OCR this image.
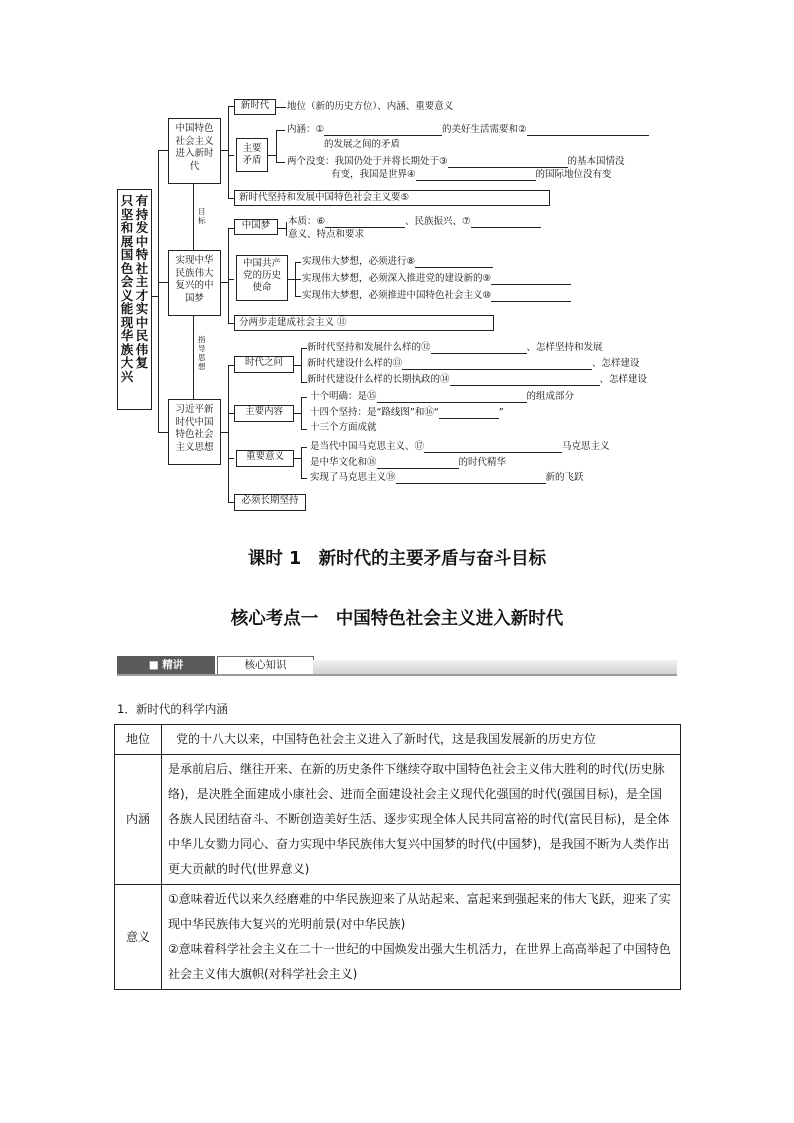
只坚和展国色会义能现华族大兴
有持发中特社主才实中民伟复
中国特色社会主义进入新时代
新时代	地位（新的历史方位）、内涵、重要意义
主要矛盾
内涵：①	的美好生活需要和②
的发展之间的矛盾
两个没变：我国仍处于并将长期处于③	的基本国情没
有变，我国是世界④	的国际地位没有变
新时代坚持和发展中国特色社会主义要⑤
目标
实现中华民族伟大复兴的中国梦
中国梦	本质：⑥	、民族振兴、⑦
意义、特点和要求
中国共产党的历史使命
实现伟大梦想，必须进行⑧
实现伟大梦想，必须深入推进党的建设新的⑨
实现伟大梦想，必须推进中国特色社会主义⑩
分两步走建成社会主义 ⑪
指导思想
习近平新时代中国特色社会主义思想
时代之问
新时代坚持和发展什么样的⑫	、怎样坚持和发展
新时代建设什么样的⑬	、怎样建设
新时代建设什么样的长期执政的⑭	、怎样建设
主要内容
十个明确：是⑮	的组成部分
十四个坚持：是“路线图”和⑯“	”
十三个方面成就
重要意义
是当代中国马克思主义、⑰	马克思主义
是中华文化和⑱	的时代精华
实现了马克思主义⑲	新的飞跃
必须长期坚持
课时 1　新时代的主要矛盾与奋斗目标
核心考点一　中国特色社会主义进入新时代
■ 精讲	核心知识
1．新时代的科学内涵
地位	党的十八大以来，中国特色社会主义进入了新时代，这是我国发展新的历史方位
内涵	是承前启后、继往开来、在新的历史条件下继续夺取中国特色社会主义伟大胜利的时代(历史脉络)，是决胜全面建成小康社会、进而全面建设社会主义现代化强国的时代(强国目标)，是全国各族人民团结奋斗、不断创造美好生活、逐步实现全体人民共同富裕的时代(富民目标)，是全体中华儿女勠力同心、奋力实现中华民族伟大复兴中国梦的时代(中国梦)，是我国不断为人类作出更大贡献的时代(世界意义)
意义	①意味着近代以来久经磨难的中华民族迎来了从站起来、富起来到强起来的伟大飞跃，迎来了实现中华民族伟大复兴的光明前景(对中华民族)
②意味着科学社会主义在二十一世纪的中国焕发出强大生机活力，在世界上高高举起了中国特色社会主义伟大旗帜(对科学社会主义)
